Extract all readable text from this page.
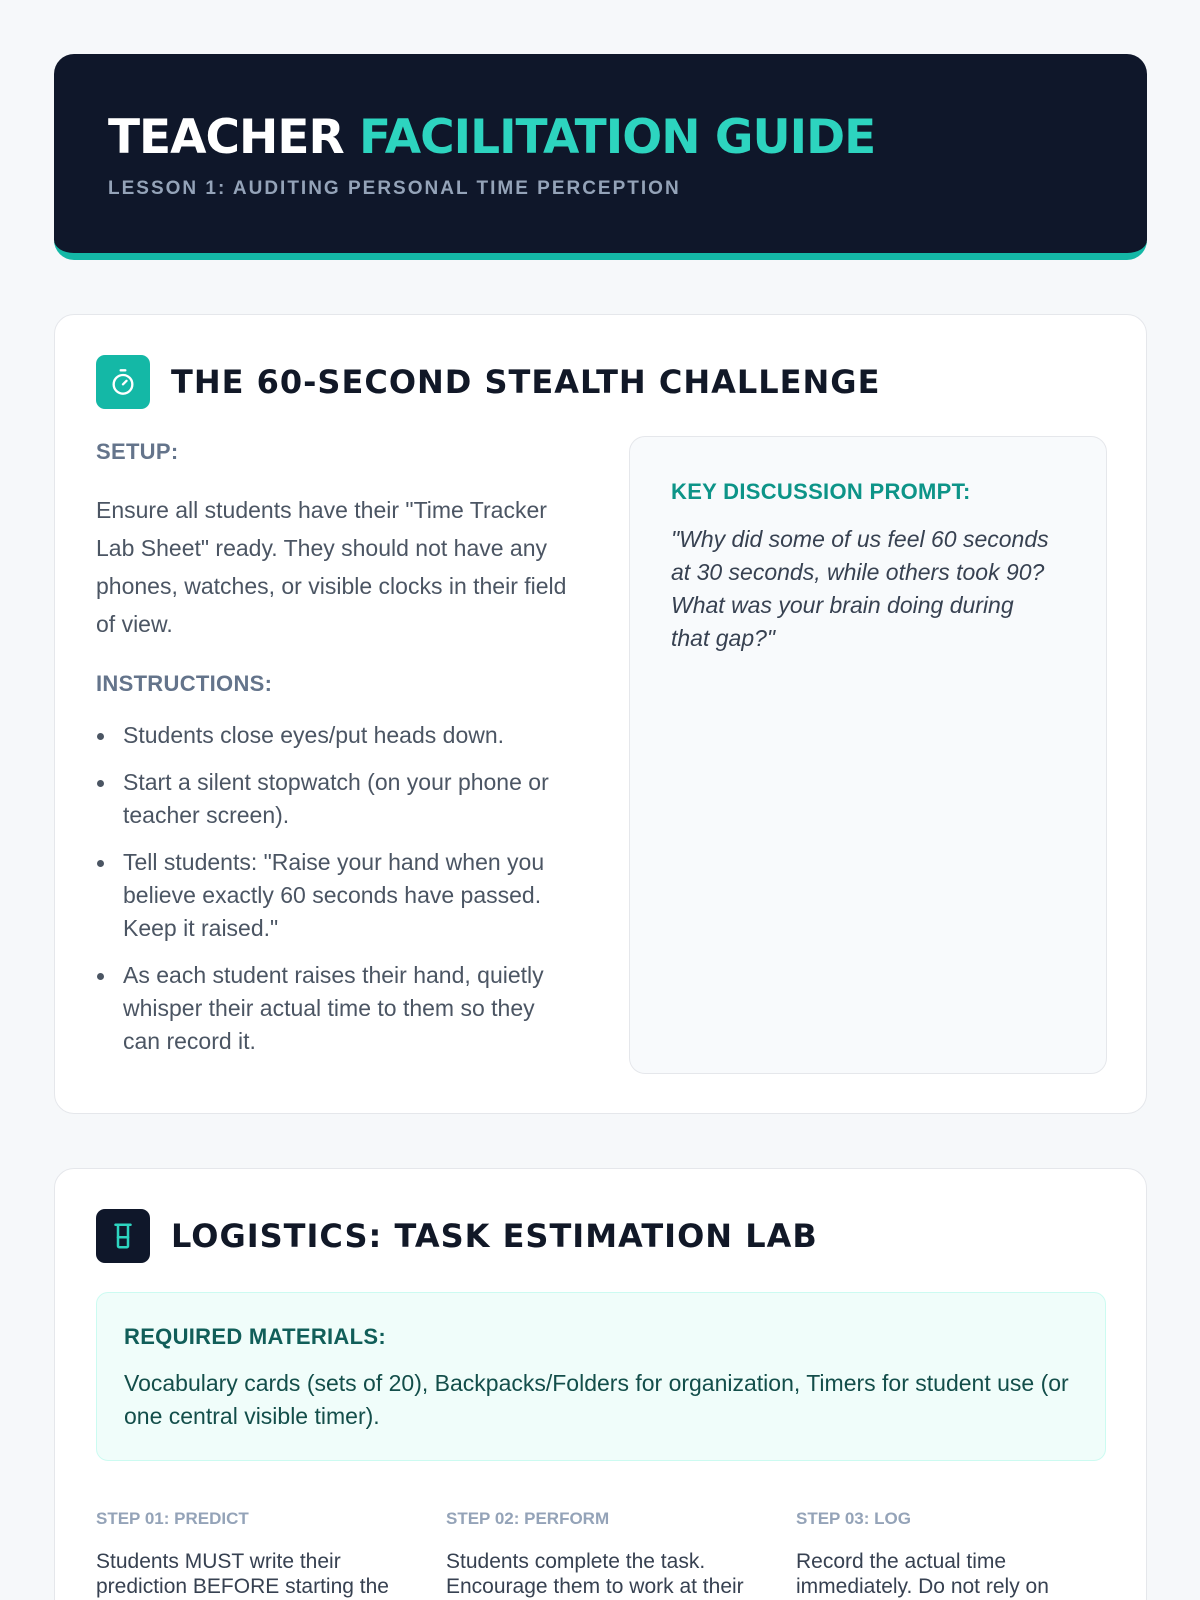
TEACHER FACILITATION GUIDE
LESSON 1: AUDITING PERSONAL TIME PERCEPTION
THE 60-SECOND STEALTH CHALLENGE
SETUP:
Ensure all students have their "Time Tracker Lab Sheet" ready. They should not have any phones, watches, or visible clocks in their field of view.
INSTRUCTIONS:
Students close eyes/put heads down.
Start a silent stopwatch (on your phone or teacher screen).
Tell students: "Raise your hand when you believe exactly 60 seconds have passed. Keep it raised."
As each student raises their hand, quietly whisper their actual time to them so they can record it.
KEY DISCUSSION PROMPT:
"Why did some of us feel 60 seconds at 30 seconds, while others took 90? What was your brain doing during that gap?"
LOGISTICS: TASK ESTIMATION LAB
REQUIRED MATERIALS:
Vocabulary cards (sets of 20), Backpacks/Folders for organization, Timers for student use (or one central visible timer).
STEP 01: PREDICT
Students MUST write their prediction BEFORE starting the
STEP 02: PERFORM
Students complete the task. Encourage them to work at their
STEP 03: LOG
Record the actual time immediately. Do not rely on
